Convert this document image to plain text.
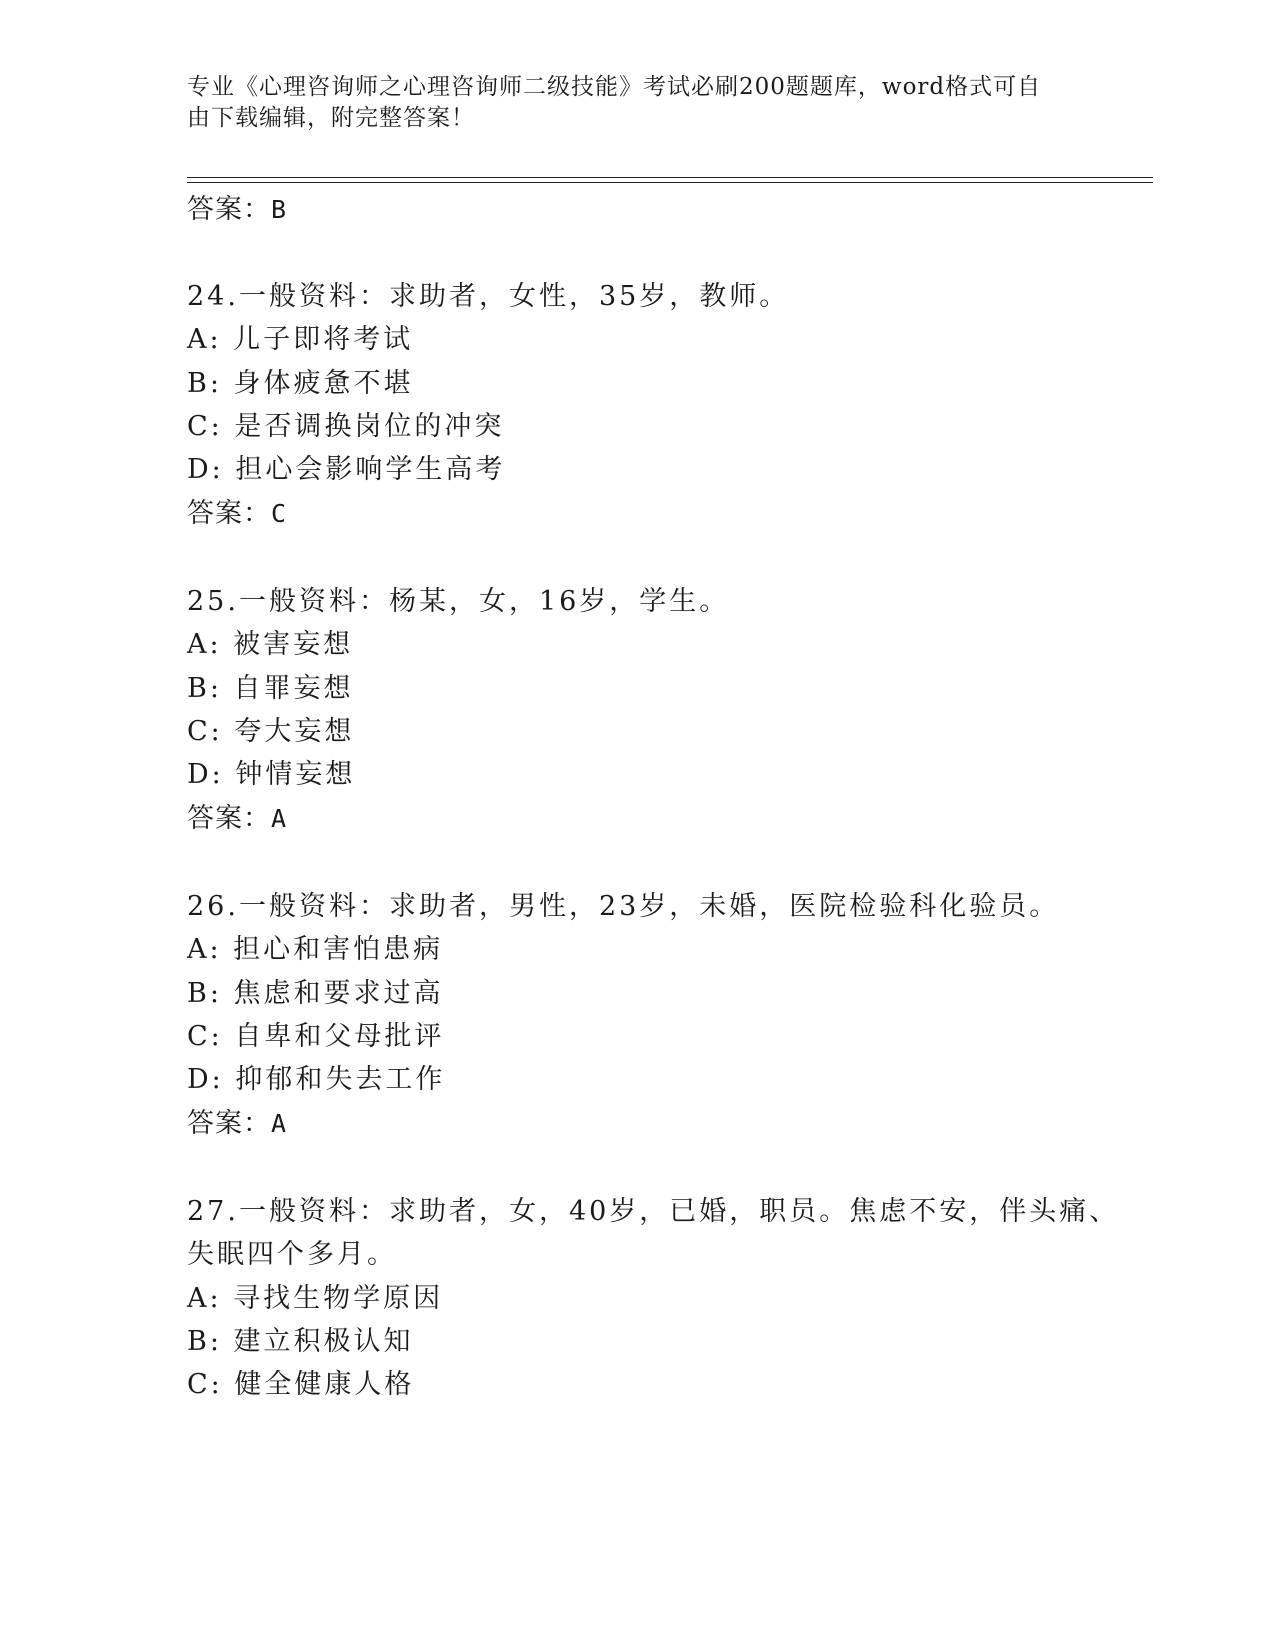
专业《心理咨询师之心理咨询师二级技能》考试必刷200题题库，word格式可自
由下载编辑，附完整答案！
答案：B
24.一般资料：求助者，女性，35岁，教师。
A: 儿子即将考试
B: 身体疲惫不堪
C: 是否调换岗位的冲突
D: 担心会影响学生高考
答案：C
25.一般资料：杨某，女，16岁，学生。
A: 被害妄想
B: 自罪妄想
C: 夸大妄想
D: 钟情妄想
答案：A
26.一般资料：求助者，男性，23岁，未婚，医院检验科化验员。
A: 担心和害怕患病
B: 焦虑和要求过高
C: 自卑和父母批评
D: 抑郁和失去工作
答案：A
27.一般资料：求助者，女，40岁，已婚，职员。焦虑不安，伴头痛、
失眠四个多月。
A: 寻找生物学原因
B: 建立积极认知
C: 健全健康人格
